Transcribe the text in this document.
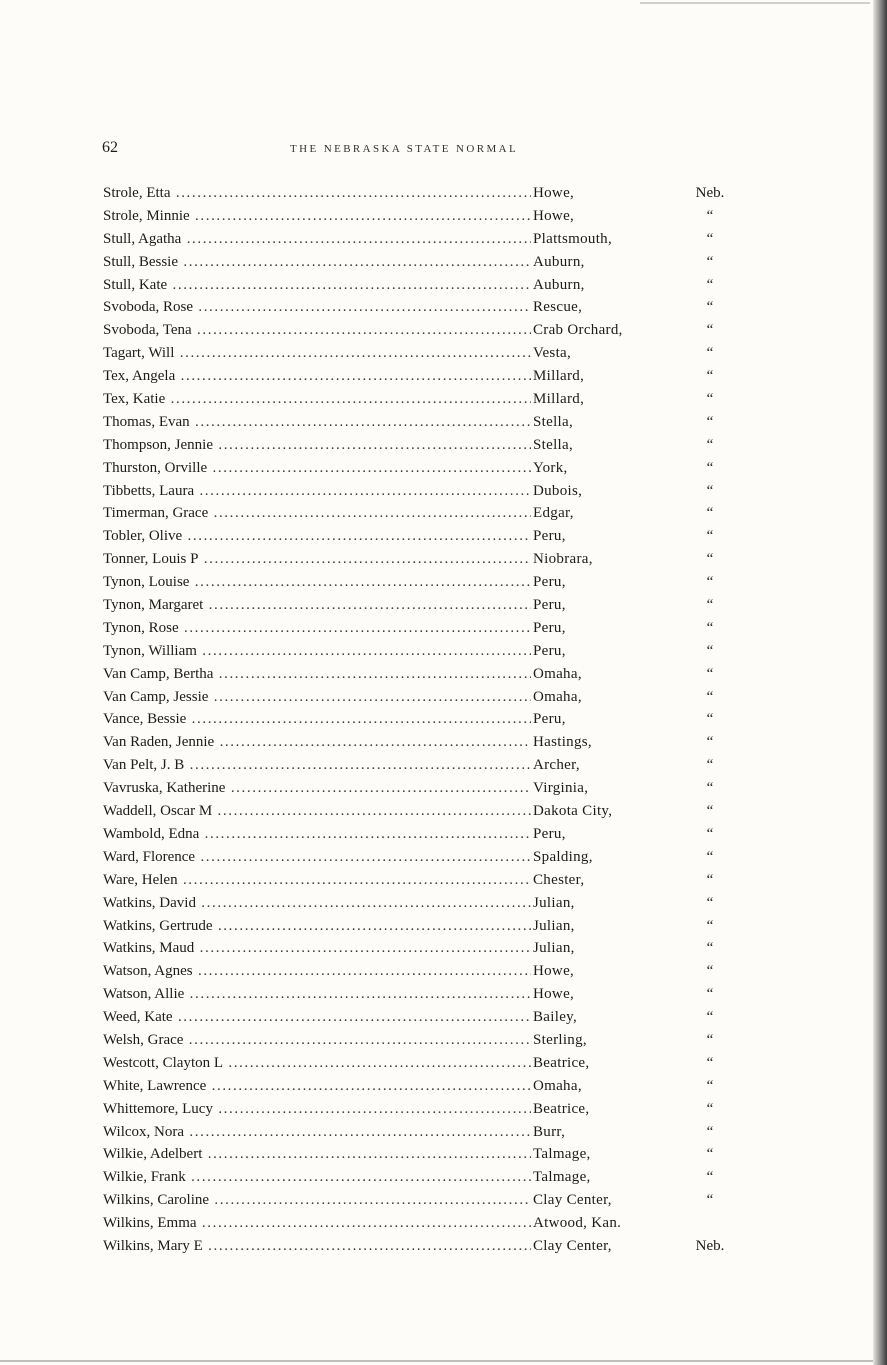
62	THE NEBRASKA STATE NORMAL
Strole, Etta .....	Howe,	Neb.
Strole, Minnie .....	Howe,	“
Stull, Agatha .....	Plattsmouth,	“
Stull, Bessie .....	Auburn,	“
Stull, Kate .....	Auburn,	“
Svoboda, Rose .....	Rescue,	“
Svoboda, Tena .....	Crab Orchard,	“
Tagart, Will .....	Vesta,	“
Tex, Angela .....	Millard,	“
Tex, Katie .....	Millard,	“
Thomas, Evan .....	Stella,	“
Thompson, Jennie .....	Stella,	“
Thurston, Orville .....	York,	“
Tibbetts, Laura .....	Dubois,	“
Timerman, Grace .....	Edgar,	“
Tobler, Olive .....	Peru,	“
Tonner, Louis P .....	Niobrara,	“
Tynon, Louise .....	Peru,	“
Tynon, Margaret .....	Peru,	“
Tynon, Rose .....	Peru,	“
Tynon, William .....	Peru,	“
Van Camp, Bertha .....	Omaha,	“
Van Camp, Jessie .....	Omaha,	“
Vance, Bessie .....	Peru,	“
Van Raden, Jennie .....	Hastings,	“
Van Pelt, J. B .....	Archer,	“
Vavruska, Katherine .....	Virginia,	“
Waddell, Oscar M .....	Dakota City,	“
Wambold, Edna .....	Peru,	“
Ward, Florence .....	Spalding,	“
Ware, Helen .....	Chester,	“
Watkins, David .....	Julian,	“
Watkins, Gertrude .....	Julian,	“
Watkins, Maud .....	Julian,	“
Watson, Agnes .....	Howe,	“
Watson, Allie .....	Howe,	“
Weed, Kate .....	Bailey,	“
Welsh, Grace .....	Sterling,	“
Westcott, Clayton L .....	Beatrice,	“
White, Lawrence .....	Omaha,	“
Whittemore, Lucy .....	Beatrice,	“
Wilcox, Nora .....	Burr,	“
Wilkie, Adelbert .....	Talmage,	“
Wilkie, Frank .....	Talmage,	“
Wilkins, Caroline .....	Clay Center,	“
Wilkins, Emma .....	Atwood, Kan.
Wilkins, Mary E .....	Clay Center,	Neb.
